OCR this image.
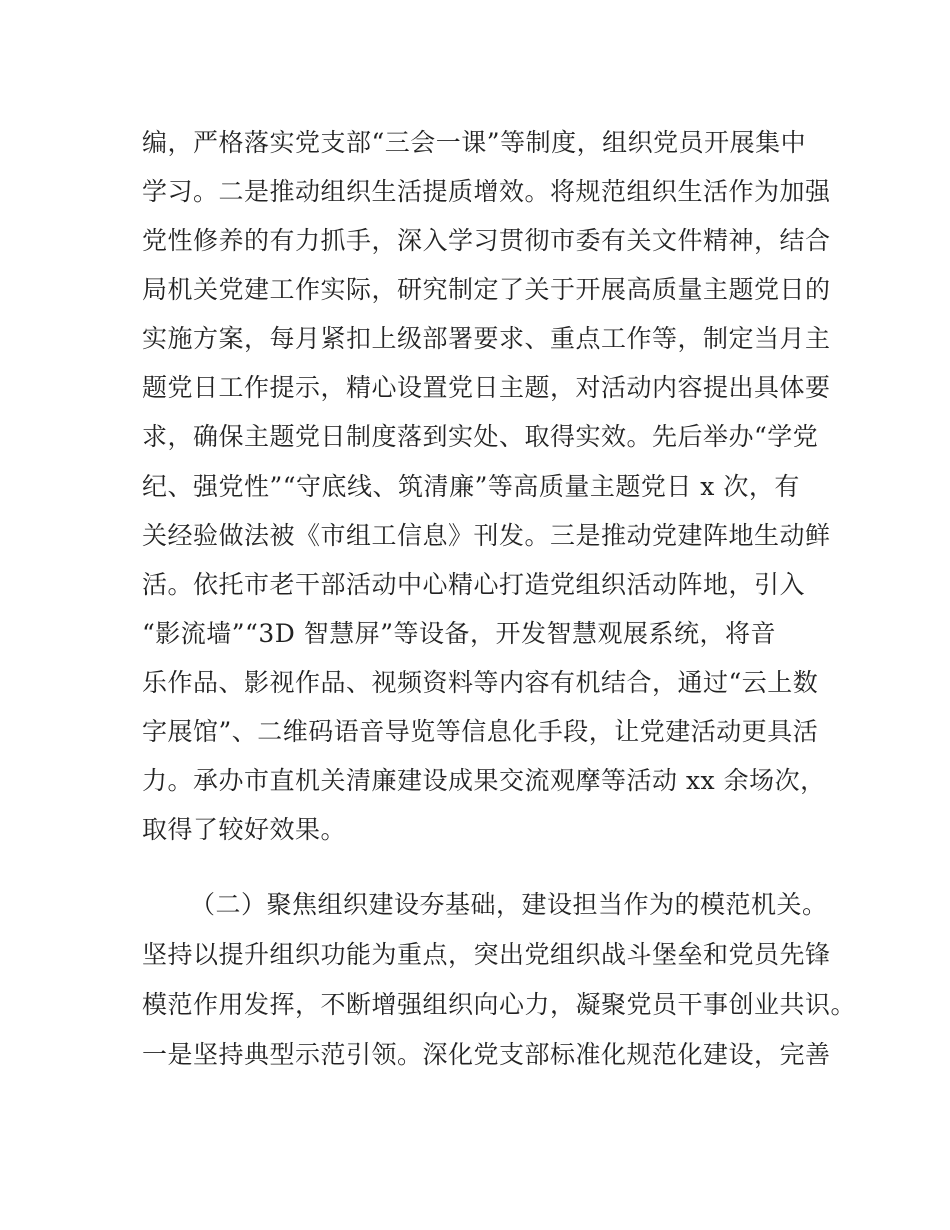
编，严格落实党支部“三会一课”等制度，组织党员开展集中
学习。二是推动组织生活提质增效。将规范组织生活作为加强
党性修养的有力抓手，深入学习贯彻市委有关文件精神，结合
局机关党建工作实际，研究制定了关于开展高质量主题党日的
实施方案，每月紧扣上级部署要求、重点工作等，制定当月主
题党日工作提示，精心设置党日主题，对活动内容提出具体要
求，确保主题党日制度落到实处、取得实效。先后举办“学党
纪、强党性”“守底线、筑清廉”等高质量主题党日 x 次，有
关经验做法被《市组工信息》刊发。三是推动党建阵地生动鲜
活。依托市老干部活动中心精心打造党组织活动阵地，引入
“影流墙”“3D 智慧屏”等设备，开发智慧观展系统，将音
乐作品、影视作品、视频资料等内容有机结合，通过“云上数
字展馆”、二维码语音导览等信息化手段，让党建活动更具活
力。承办市直机关清廉建设成果交流观摩等活动 xx 余场次，
取得了较好效果。
（二）聚焦组织建设夯基础，建设担当作为的模范机关。
坚持以提升组织功能为重点，突出党组织战斗堡垒和党员先锋
模范作用发挥，不断增强组织向心力，凝聚党员干事创业共识。
一是坚持典型示范引领。深化党支部标准化规范化建设，完善
